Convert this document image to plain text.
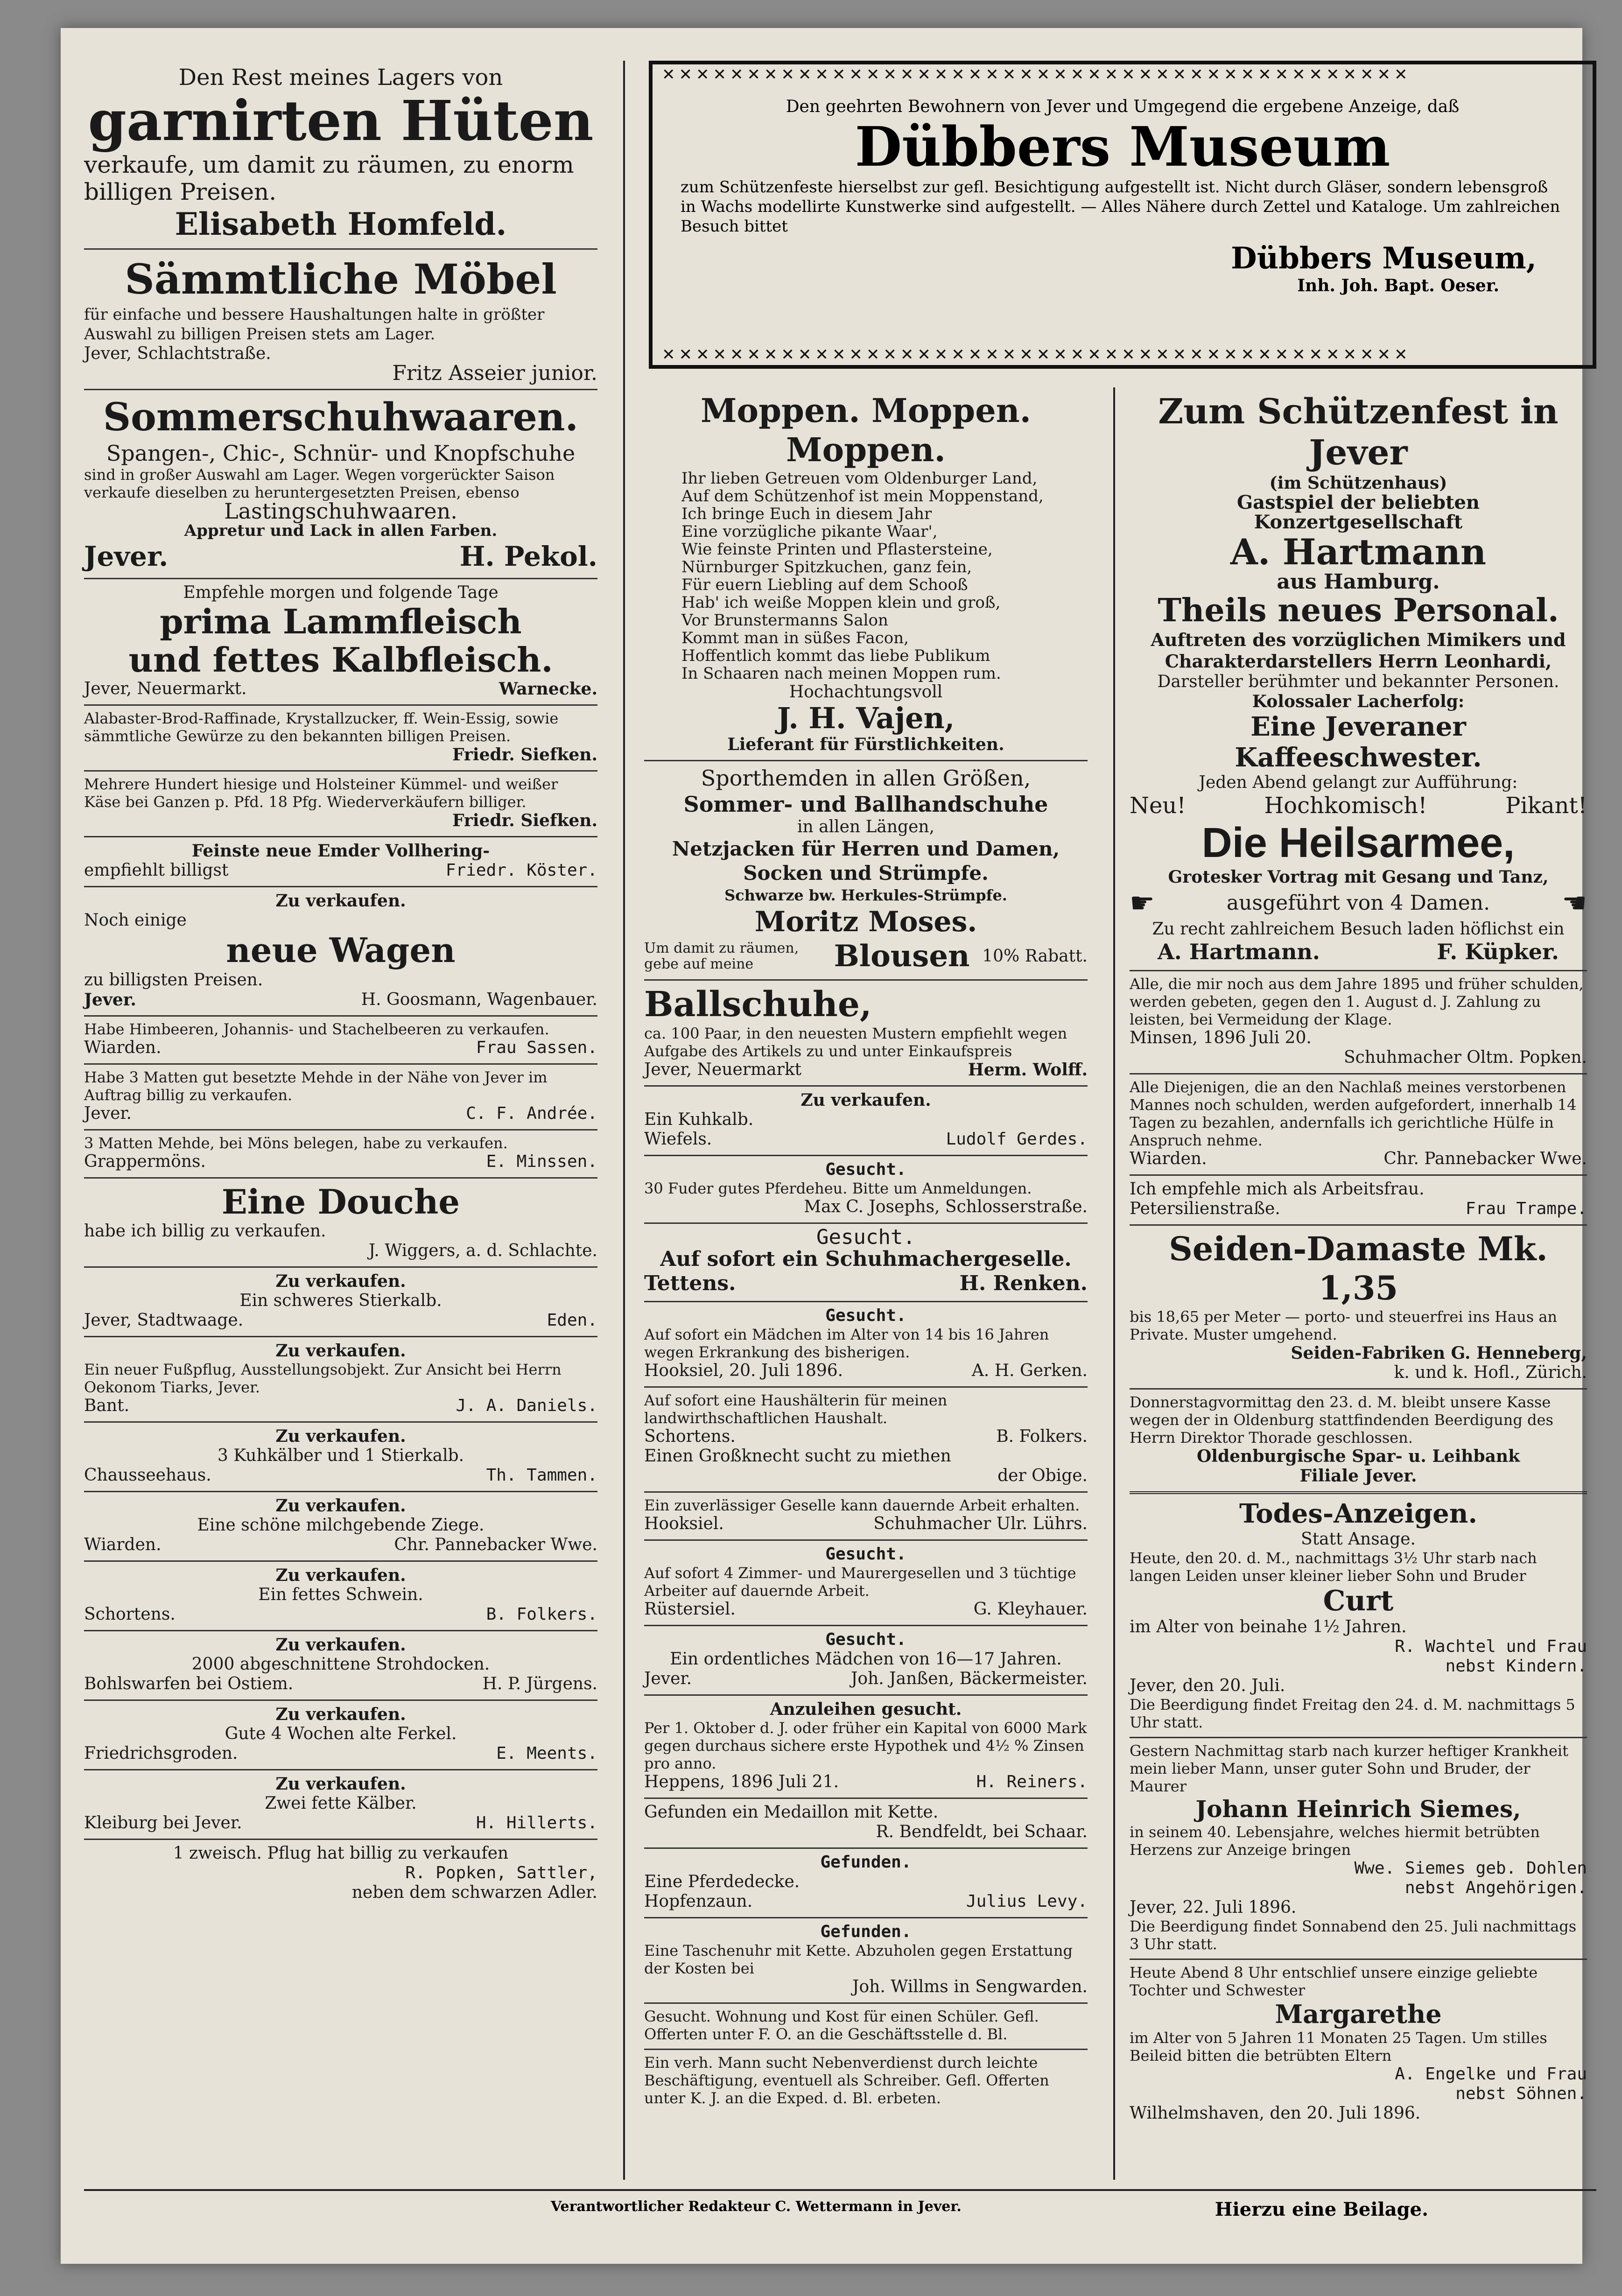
Den Rest meines Lagers von

garnirten Hüten

verkaufe, um damit zu räumen, zu enorm billigen Preisen.

Elisabeth Homfeld.

Sämmtliche Möbel

für einfache und bessere Haushaltungen halte in größter Auswahl zu billigen Preisen stets am Lager.

Jever, Schlachtstraße.

Fritz Asseier junior.

Sommerschuhwaaren.

Spangen-, Chic-, Schnür- und Knopfschuhe

sind in großer Auswahl am Lager. Wegen vorgerückter Saison verkaufe dieselben zu heruntergesetzten Preisen, ebenso

Lastingschuhwaaren.

Appretur und Lack in allen Farben.

Jever.	H. Pekol.

Empfehle morgen und folgende Tage

prima Lammfleisch

und fettes Kalbfleisch.

Jever, Neuermarkt.	Warnecke.

Alabaster-Brod-Raffinade, Krystallzucker, ff. Wein-Essig, sowie sämmtliche Gewürze zu den bekannten billigen Preisen.

Friedr. Siefken.

Mehrere Hundert hiesige und Holsteiner Kümmel- und weißer Käse bei Ganzen p. Pfd. 18 Pfg. Wiederverkäufern billiger.

Friedr. Siefken.

Feinste neue Emder Vollhering-

empfiehlt billigst	Friedr. Köster.

Zu verkaufen.

Noch einige

neue Wagen

zu billigsten Preisen.

Jever.	H. Goosmann, Wagenbauer.

Habe Himbeeren, Johannis- und Stachelbeeren zu verkaufen.

Wiarden.	Frau Sassen.

Habe 3 Matten gut besetzte Mehde in der Nähe von Jever im Auftrag billig zu verkaufen.

Jever.	C. F. Andrée.

3 Matten Mehde, bei Möns belegen, habe zu verkaufen.

Grappermöns.	E. Minssen.

Eine Douche

habe ich billig zu verkaufen.

J. Wiggers, a. d. Schlachte.

Zu verkaufen.

Ein schweres Stierkalb.

Jever, Stadtwaage.	Eden.

Zu verkaufen.

Ein neuer Fußpflug, Ausstellungsobjekt. Zur Ansicht bei Herrn Oekonom Tiarks, Jever.

Bant.	J. A. Daniels.

Zu verkaufen.

3 Kuhkälber und 1 Stierkalb.

Chausseehaus.	Th. Tammen.

Zu verkaufen.

Eine schöne milchgebende Ziege.

Wiarden.	Chr. Pannebacker Wwe.

Zu verkaufen.

Ein fettes Schwein.

Schortens.	B. Folkers.

Zu verkaufen.

2000 abgeschnittene Strohdocken.

Bohlswarfen bei Ostiem.	H. P. Jürgens.

Zu verkaufen.

Gute 4 Wochen alte Ferkel.

Friedrichsgroden.	E. Meents.

Zu verkaufen.

Zwei fette Kälber.

Kleiburg bei Jever.	H. Hillerts.

1 zweisch. Pflug hat billig zu verkaufen

R. Popken, Sattler,

neben dem schwarzen Adler.

✕✕✕✕✕✕✕✕✕✕✕✕✕✕✕✕✕✕✕✕✕✕✕✕✕✕✕✕✕✕✕✕✕✕✕✕✕✕✕✕✕✕✕✕ Den geehrten Bewohnern von Jever und Umgegend die ergebene Anzeige, daß

Dübbers Museum

zum Schützenfeste hierselbst zur gefl. Besichtigung aufgestellt ist. Nicht durch Gläser, sondern lebensgroß in Wachs modellirte Kunstwerke sind aufgestellt. — Alles Nähere durch Zettel und Kataloge. Um zahlreichen Besuch bittet

Dübbers Museum,

Inh. Joh. Bapt. Oeser.

✕✕✕✕✕✕✕✕✕✕✕✕✕✕✕✕✕✕✕✕✕✕✕✕✕✕✕✕✕✕✕✕✕✕✕✕✕✕✕✕✕✕✕✕

Moppen. Moppen. Moppen.

Ihr lieben Getreuen vom Oldenburger Land,
Auf dem Schützenhof ist mein Moppenstand,
Ich bringe Euch in diesem Jahr
Eine vorzügliche pikante Waar',
Wie feinste Printen und Pflastersteine,
Nürnburger Spitzkuchen, ganz fein,
Für euern Liebling auf dem Schooß
Hab' ich weiße Moppen klein und groß,
Vor Brunstermanns Salon
Kommt man in süßes Facon,
Hoffentlich kommt das liebe Publikum
In Schaaren nach meinen Moppen rum.

Hochachtungsvoll

J. H. Vajen,

Lieferant für Fürstlichkeiten.

Sporthemden in allen Größen,

Sommer- und Ballhandschuhe

in allen Längen,

Netzjacken für Herren und Damen,

Socken und Strümpfe.

Schwarze bw. Herkules-Strümpfe.

Moritz Moses.

Um damit zu räumen, gebe auf meine	Blousen 10% Rabatt.
Ballschuhe,

ca. 100 Paar, in den neuesten Mustern empfiehlt wegen Aufgabe des Artikels zu und unter Einkaufspreis

Jever, Neuermarkt	Herm. Wolff.

Zu verkaufen.

Ein Kuhkalb.

Wiefels.	Ludolf Gerdes.

Gesucht.

30 Fuder gutes Pferdeheu. Bitte um Anmeldungen.

Max C. Josephs, Schlosserstraße.

Gesucht.

Auf sofort ein Schuhmachergeselle.

Tettens.	H. Renken.

Gesucht.

Auf sofort ein Mädchen im Alter von 14 bis 16 Jahren wegen Erkrankung des bisherigen.

Hooksiel, 20. Juli 1896.	A. H. Gerken.

Auf sofort eine Haushälterin für meinen landwirthschaftlichen Haushalt.

Schortens.	B. Folkers.

Einen Großknecht sucht zu miethen

der Obige.

Ein zuverlässiger Geselle kann dauernde Arbeit erhalten.

Hooksiel.	Schuhmacher Ulr. Lührs.

Gesucht.

Auf sofort 4 Zimmer- und Maurergesellen und 3 tüchtige Arbeiter auf dauernde Arbeit.

Rüstersiel.	G. Kleyhauer.

Gesucht.

Ein ordentliches Mädchen von 16—17 Jahren.

Jever.	Joh. Janßen, Bäckermeister.

Anzuleihen gesucht.

Per 1. Oktober d. J. oder früher ein Kapital von 6000 Mark gegen durchaus sichere erste Hypothek und 4½ % Zinsen pro anno.

Heppens, 1896 Juli 21.	H. Reiners.

Gefunden ein Medaillon mit Kette.

R. Bendfeldt, bei Schaar.

Gefunden.

Eine Pferdedecke.

Hopfenzaun.	Julius Levy.

Gefunden.

Eine Taschenuhr mit Kette. Abzuholen gegen Erstattung der Kosten bei

Joh. Willms in Sengwarden.

Gesucht. Wohnung und Kost für einen Schüler. Gefl. Offerten unter F. O. an die Geschäftsstelle d. Bl.

Ein verh. Mann sucht Nebenverdienst durch leichte Beschäftigung, eventuell als Schreiber. Gefl. Offerten unter K. J. an die Exped. d. Bl. erbeten.

Zum Schützenfest in Jever

(im Schützenhaus)

Gastspiel der beliebten Konzertgesellschaft

A. Hartmann

aus Hamburg.

Theils neues Personal.

Auftreten des vorzüglichen Mimikers und Charakterdarstellers Herrn Leonhardi,

Darsteller berühmter und bekannter Personen.

Kolossaler Lacherfolg:

Eine Jeveraner Kaffeeschwester.

Jeden Abend gelangt zur Aufführung:

Neu!	Hochkomisch!	Pikant!

Die Heilsarmee,

Grotesker Vortrag mit Gesang und Tanz,

☛	ausgeführt von 4 Damen.	☚

Zu recht zahlreichem Besuch laden höflichst ein

A. Hartmann.	F. Küpker.

Alle, die mir noch aus dem Jahre 1895 und früher schulden, werden gebeten, gegen den 1. August d. J. Zahlung zu leisten, bei Vermeidung der Klage.

Minsen, 1896 Juli 20.

Schuhmacher Oltm. Popken.

Alle Diejenigen, die an den Nachlaß meines verstorbenen Mannes noch schulden, werden aufgefordert, innerhalb 14 Tagen zu bezahlen, andernfalls ich gerichtliche Hülfe in Anspruch nehme.

Wiarden.	Chr. Pannebacker Wwe.

Ich empfehle mich als Arbeitsfrau.

Petersilienstraße.	Frau Trampe.

Seiden-Damaste Mk. 1,35

bis 18,65 per Meter — porto- und steuerfrei ins Haus an Private. Muster umgehend.

Seiden-Fabriken G. Henneberg,

k. und k. Hofl., Zürich.

Donnerstagvormittag den 23. d. M. bleibt unsere Kasse wegen der in Oldenburg stattfindenden Beerdigung des Herrn Direktor Thorade geschlossen.

Oldenburgische Spar- u. Leihbank

Filiale Jever.

Todes-Anzeigen.

Statt Ansage.

Heute, den 20. d. M., nachmittags 3½ Uhr starb nach langen Leiden unser kleiner lieber Sohn und Bruder

Curt

im Alter von beinahe 1½ Jahren.

R. Wachtel und Frau

nebst Kindern.

Jever, den 20. Juli.

Die Beerdigung findet Freitag den 24. d. M. nachmittags 5 Uhr statt.

Gestern Nachmittag starb nach kurzer heftiger Krankheit mein lieber Mann, unser guter Sohn und Bruder, der Maurer

Johann Heinrich Siemes,

in seinem 40. Lebensjahre, welches hiermit betrübten Herzens zur Anzeige bringen

Wwe. Siemes geb. Dohlen

nebst Angehörigen.

Jever, 22. Juli 1896.

Die Beerdigung findet Sonnabend den 25. Juli nachmittags 3 Uhr statt.

Heute Abend 8 Uhr entschlief unsere einzige geliebte Tochter und Schwester

Margarethe

im Alter von 5 Jahren 11 Monaten 25 Tagen. Um stilles Beileid bitten die betrübten Eltern

A. Engelke und Frau

nebst Söhnen.

Wilhelmshaven, den 20. Juli 1896.

Verantwortlicher Redakteur C. Wettermann in Jever.	Hierzu eine Beilage.
